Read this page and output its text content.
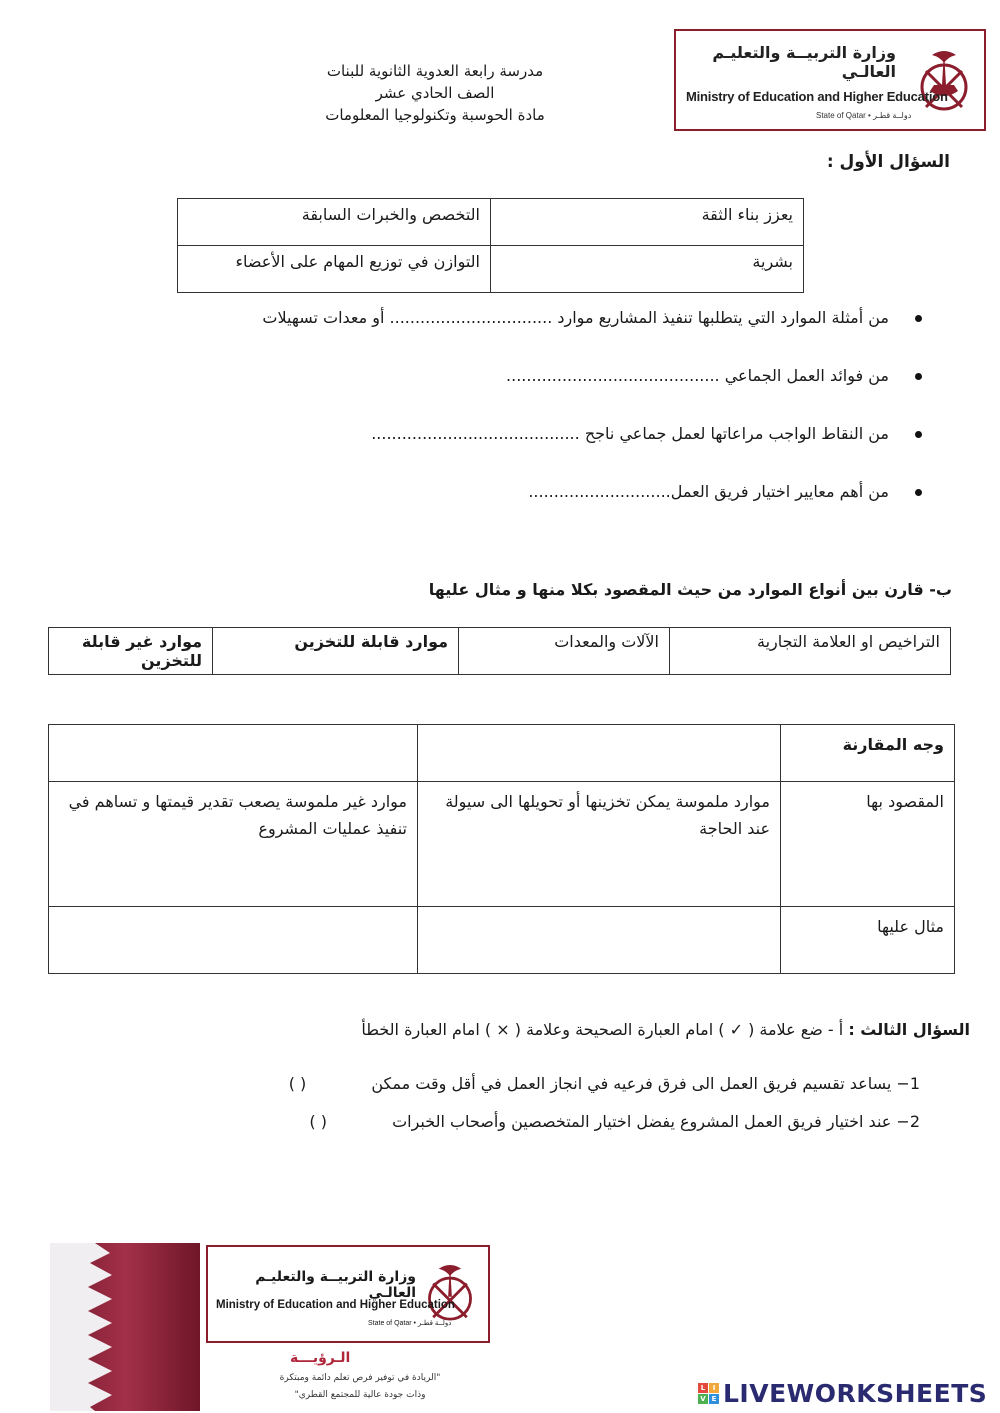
مدرسة رابعة العدوية الثانوية للبنات
الصف الحادي عشر
مادة الحوسبة وتكنولوجيا المعلومات
وزارة التربيــة والتعليـم العالـي
Ministry of Education and Higher Education
State of Qatar • دولــة قطـر
السؤال الأول :
يعزز بناء الثقة	التخصص والخبرات السابقة
بشرية	التوازن في توزيع المهام على الأعضاء
من أمثلة الموارد التي يتطلبها تنفيذ المشاريع موارد ................................ أو معدات تسهيلات
من فوائد العمل الجماعي ..........................................
من النقاط الواجب مراعاتها لعمل جماعي ناجح .........................................
من أهم معايير اختيار فريق العمل............................
ب- قارن بين أنواع الموارد من حيث المقصود بكلا منها و مثال عليها
التراخيص او العلامة التجارية	الآلات والمعدات	موارد قابلة للتخزين	موارد غير قابلة للتخزين
وجه المقارنة		
المقصود بها	موارد ملموسة يمكن تخزينها أو تحويلها الى سيولة عند الحاجة	موارد غير ملموسة يصعب تقدير قيمتها و تساهم في تنفيذ عمليات المشروع
مثال عليها		
السؤال الثالث : أ - ضع علامة ( ✓ ) امام العبارة الصحيحة وعلامة ( × ) امام العبارة الخطأ
1− يساعد تقسيم فريق العمل الى فرق فرعيه في انجاز العمل في أقل وقت ممكن ( )
2− عند اختيار فريق العمل المشروع يفضل اختيار المتخصصين وأصحاب الخبرات ( )
وزارة التربيــة والتعليـم العالـي
Ministry of Education and Higher Education
State of Qatar • دولــة قطـر
الـرؤيـــة
"الريادة في توفير فرص تعلم دائمة ومبتكرة
وذات جودة عالية للمجتمع القطري"
L	I
V E LIVEWORKSHEETS
